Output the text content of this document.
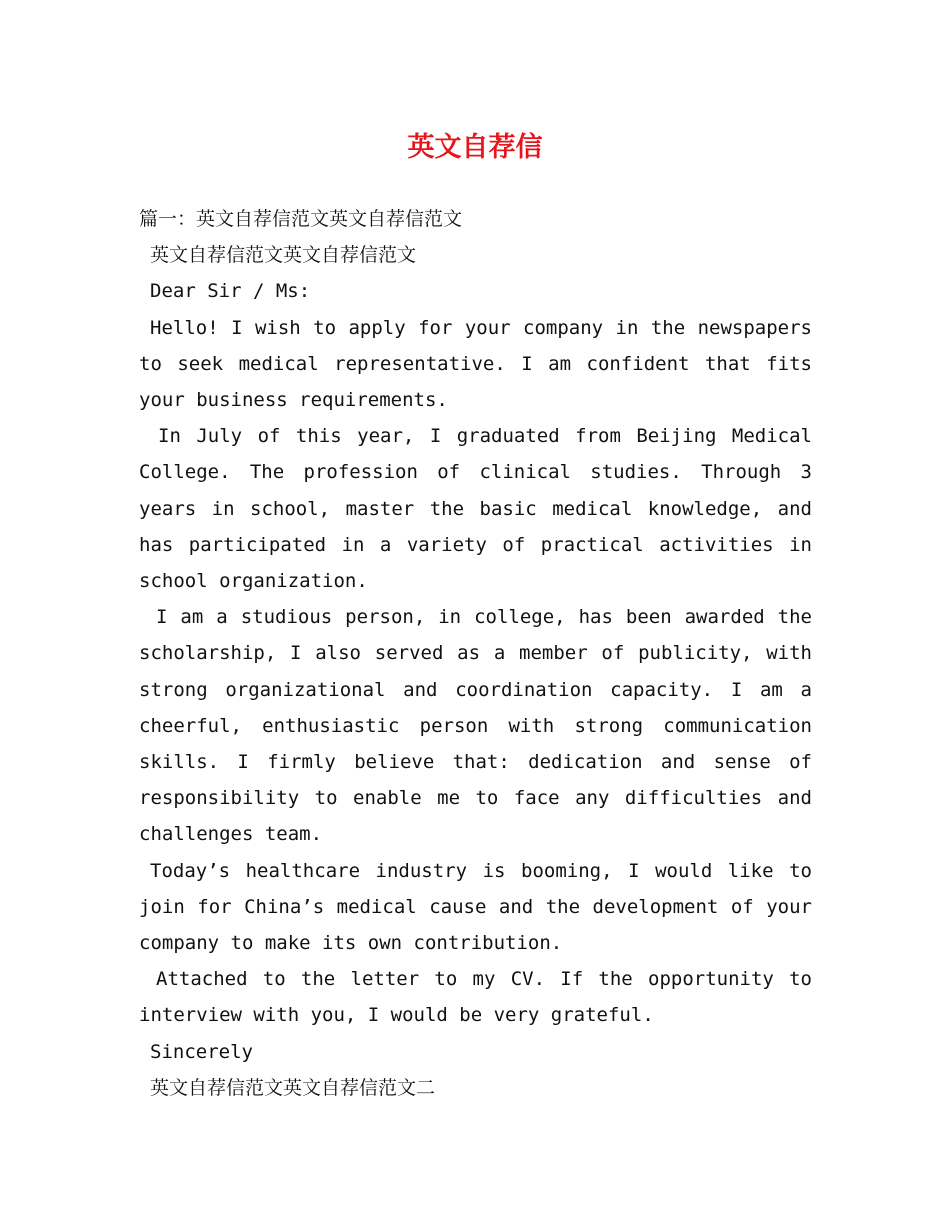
英文自荐信

篇一：英文自荐信范文英文自荐信范文

英文自荐信范文英文自荐信范文

Dear Sir / Ms:

Hello! I wish to apply for your company in the newspapers to seek medical representative. I am confident that fits your business requirements.

In July of this year, I graduated from Beijing Medical College. The profession of clinical studies. Through 3 years in school, master the basic medical knowledge, and has participated in a variety of practical activities in school organization.

I am a studious person, in college, has been awarded the scholarship, I also served as a member of publicity, with strong organizational and coordination capacity. I am a cheerful, enthusiastic person with strong communication skills. I firmly believe that: dedication and sense of responsibility to enable me to face any difficulties and challenges team.

Today’s healthcare industry is booming, I would like to join for China’s medical cause and the development of your company to make its own contribution.

Attached to the letter to my CV. If the opportunity to interview with you, I would be very grateful.

Sincerely

英文自荐信范文英文自荐信范文二
